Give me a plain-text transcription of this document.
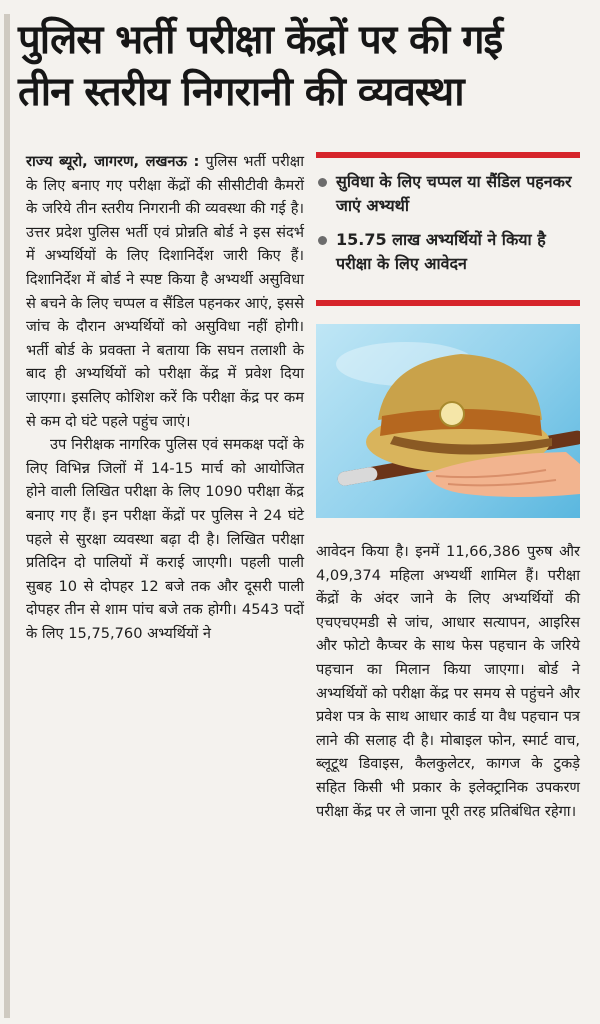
पुलिस भर्ती परीक्षा केंद्रों पर की गई
तीन स्तरीय निगरानी की व्यवस्था

राज्य ब्यूरो, जागरण, लखनऊ : पुलिस भर्ती परीक्षा के लिए बनाए गए परीक्षा केंद्रों की सीसीटीवी कैमरों के जरिये तीन स्तरीय निगरानी की व्यवस्था की गई है। उत्तर प्रदेश पुलिस भर्ती एवं प्रोन्नति बोर्ड ने इस संदर्भ में अभ्यर्थियों के लिए दिशानिर्देश जारी किए हैं। दिशानिर्देश में बोर्ड ने स्पष्ट किया है अभ्यर्थी असुविधा से बचने के लिए चप्पल व सैंडिल पहनकर आएं, इससे जांच के दौरान अभ्यर्थियों को असुविधा नहीं होगी। भर्ती बोर्ड के प्रवक्ता ने बताया कि सघन तलाशी के बाद ही अभ्यर्थियों को परीक्षा केंद्र में प्रवेश दिया जाएगा। इसलिए कोशिश करें कि परीक्षा केंद्र पर कम से कम दो घंटे पहले पहुंच जाएं।

उप निरीक्षक नागरिक पुलिस एवं समकक्ष पदों के लिए विभिन्न जिलों में 14-15 मार्च को आयोजित होने वाली लिखित परीक्षा के लिए 1090 परीक्षा केंद्र बनाए गए हैं। इन परीक्षा केंद्रों पर पुलिस ने 24 घंटे पहले से सुरक्षा व्यवस्था बढ़ा दी है। लिखित परीक्षा प्रतिदिन दो पालियों में कराई जाएगी। पहली पाली सुबह 10 से दोपहर 12 बजे तक और दूसरी पाली दोपहर तीन से शाम पांच बजे तक होगी। 4543 पदों के लिए 15,75,760 अभ्यर्थियों ने

सुविधा के लिए चप्पल या सैंडिल पहनकर जाएं अभ्यर्थी
15.75 लाख अभ्यर्थियों ने किया है परीक्षा के लिए आवेदन

आवेदन किया है। इनमें 11,66,386 पुरुष और 4,09,374 महिला अभ्यर्थी शामिल हैं। परीक्षा केंद्रों के अंदर जाने के लिए अभ्यर्थियों की एचएचएमडी से जांच, आधार सत्यापन, आइरिस और फोटो कैप्चर के साथ फेस पहचान के जरिये पहचान का मिलान किया जाएगा। बोर्ड ने अभ्यर्थियों को परीक्षा केंद्र पर समय से पहुंचने और प्रवेश पत्र के साथ आधार कार्ड या वैध पहचान पत्र लाने की सलाह दी है। मोबाइल फोन, स्मार्ट वाच, ब्लूटूथ डिवाइस, कैलकुलेटर, कागज के टुकड़े सहित किसी भी प्रकार के इलेक्ट्रानिक उपकरण परीक्षा केंद्र पर ले जाना पूरी तरह प्रतिबंधित रहेगा।
